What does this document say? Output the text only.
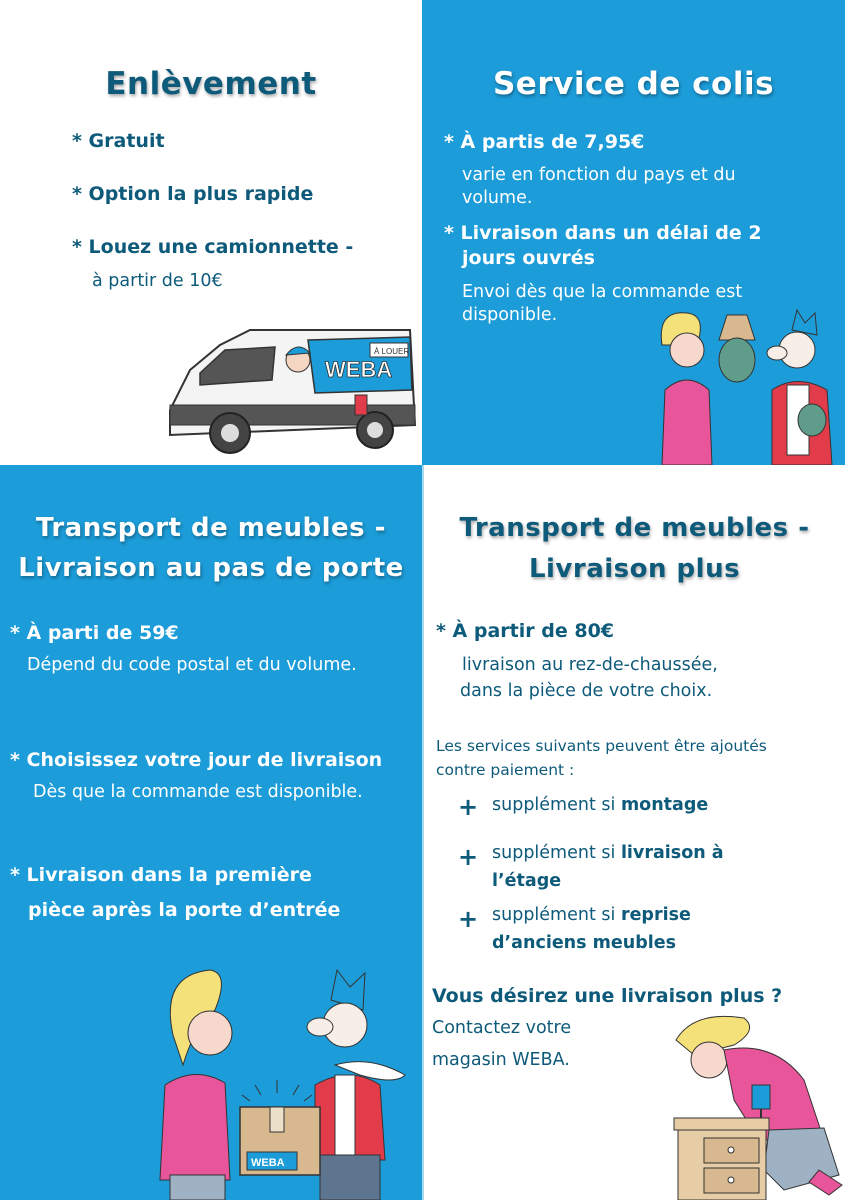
Enlèvement
* Gratuit
* Option la plus rapide
* Louez une camionnette -
à partir de 10€
WEBA
À LOUER
Service de colis
* À partis de 7,95€
varie en fonction du pays et du
volume.
* Livraison dans un délai de 2
jours ouvrés
Envoi dès que la commande est
disponible.
Transport de meubles -
Livraison au pas de porte
* À parti de 59€
Dépend du code postal et du volume.
* Choisissez votre jour de livraison
Dès que la commande est disponible.
* Livraison dans la première
pièce après la porte d’entrée
WEBA
Transport de meubles -
Livraison plus
* À partir de 80€
livraison au rez-de-chaussée,
dans la pièce de votre choix.
Les services suivants peuvent être ajoutés
contre paiement :
+ supplément si montage
+ supplément si livraison à
l’étage
+ supplément si reprise
d’anciens meubles
Vous désirez une livraison plus ?
Contactez votre
magasin WEBA.
